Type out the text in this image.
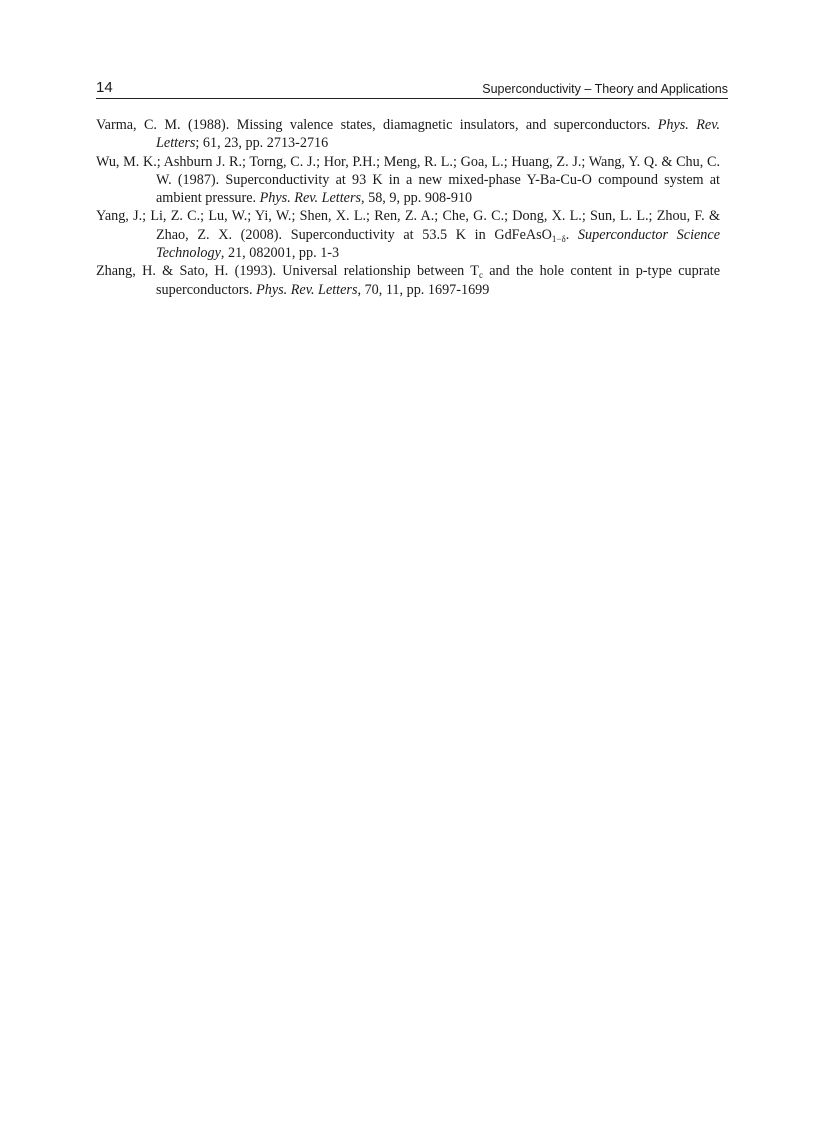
14	Superconductivity – Theory and Applications

Varma, C. M. (1988). Missing valence states, diamagnetic insulators, and superconductors. Phys. Rev. Letters; 61, 23, pp. 2713-2716

Wu, M. K.; Ashburn J. R.; Torng, C. J.; Hor, P.H.; Meng, R. L.; Goa, L.; Huang, Z. J.; Wang, Y. Q. & Chu, C. W. (1987). Superconductivity at 93 K in a new mixed-phase Y-Ba-Cu-O compound system at ambient pressure. Phys. Rev. Letters, 58, 9, pp. 908-910

Yang, J.; Li, Z. C.; Lu, W.; Yi, W.; Shen, X. L.; Ren, Z. A.; Che, G. C.; Dong, X. L.; Sun, L. L.; Zhou, F. & Zhao, Z. X. (2008). Superconductivity at 53.5 K in GdFeAsO$_{1-\delta}$. Superconductor Science Technology, 21, 082001, pp. 1-3

Zhang, H. & Sato, H. (1993). Universal relationship between $T_c$ and the hole content in p-type cuprate superconductors. Phys. Rev. Letters, 70, 11, pp. 1697-1699
